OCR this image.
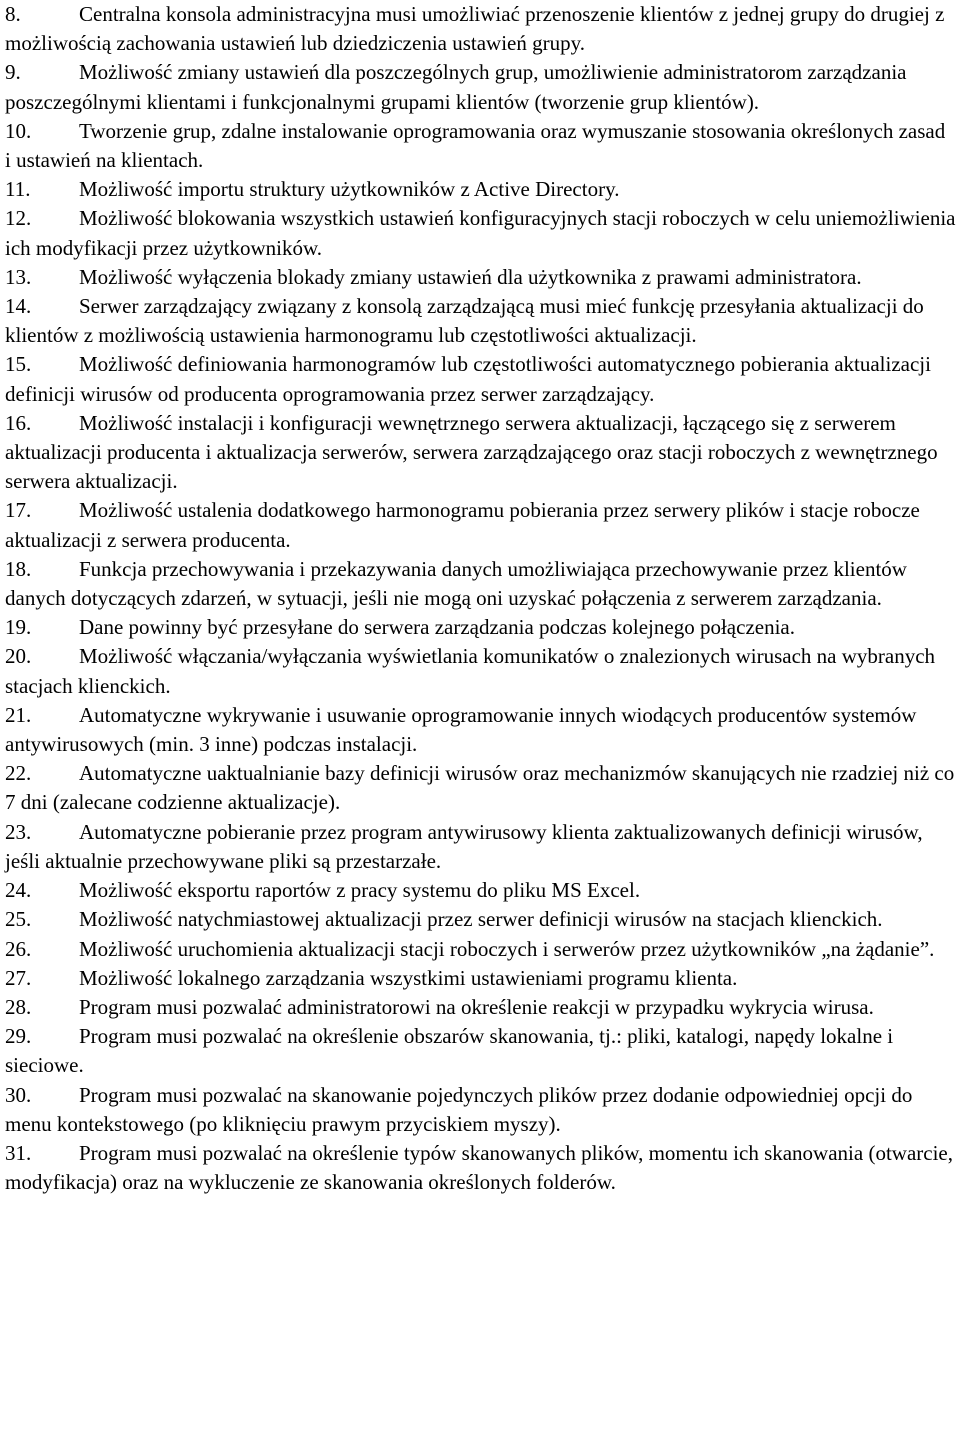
8.	Centralna konsola administracyjna musi umożliwiać przenoszenie klientów z jednej grupy do drugiej z możliwością zachowania ustawień lub dziedziczenia ustawień grupy.
9.	Możliwość zmiany ustawień dla poszczególnych grup, umożliwienie administratorom zarządzania poszczególnymi klientami i funkcjonalnymi grupami klientów (tworzenie grup klientów).
10. Tworzenie grup, zdalne instalowanie oprogramowania oraz wymuszanie stosowania określonych zasad i ustawień na klientach.
11. Możliwość importu struktury użytkowników z Active Directory.
12. Możliwość blokowania wszystkich ustawień konfiguracyjnych stacji roboczych w celu uniemożliwienia ich modyfikacji przez użytkowników.
13. Możliwość wyłączenia blokady zmiany ustawień dla użytkownika z prawami administratora.
14. Serwer zarządzający związany z konsolą zarządzającą musi mieć funkcję przesyłania aktualizacji do klientów z możliwością ustawienia harmonogramu lub częstotliwości aktualizacji.
15. Możliwość definiowania harmonogramów lub częstotliwości automatycznego pobierania aktualizacji definicji wirusów od producenta oprogramowania przez serwer zarządzający.
16. Możliwość instalacji i konfiguracji wewnętrznego serwera aktualizacji, łączącego się z serwerem aktualizacji producenta i aktualizacja serwerów, serwera zarządzającego oraz stacji roboczych z wewnętrznego serwera aktualizacji.
17. Możliwość ustalenia dodatkowego harmonogramu pobierania przez serwery plików i stacje robocze aktualizacji z serwera producenta.
18. Funkcja przechowywania i przekazywania danych umożliwiająca przechowywanie przez klientów danych dotyczących zdarzeń, w sytuacji, jeśli nie mogą oni uzyskać połączenia z serwerem zarządzania.
19. Dane powinny być przesyłane do serwera zarządzania podczas kolejnego połączenia.
20. Możliwość włączania/wyłączania wyświetlania komunikatów o znalezionych wirusach na wybranych stacjach klienckich.
21. Automatyczne wykrywanie i usuwanie oprogramowanie innych wiodących producentów systemów antywirusowych (min. 3 inne) podczas instalacji.
22. Automatyczne uaktualnianie bazy definicji wirusów oraz mechanizmów skanujących nie rzadziej niż co 7 dni (zalecane codzienne aktualizacje).
23. Automatyczne pobieranie przez program antywirusowy klienta zaktualizowanych definicji wirusów, jeśli aktualnie przechowywane pliki są przestarzałe.
24. Możliwość eksportu raportów z pracy systemu do pliku MS Excel.
25. Możliwość natychmiastowej aktualizacji przez serwer definicji wirusów na stacjach klienckich.
26. Możliwość uruchomienia aktualizacji stacji roboczych i serwerów przez użytkowników „na żądanie”.
27. Możliwość lokalnego zarządzania wszystkimi ustawieniami programu klienta.
28. Program musi pozwalać administratorowi na określenie reakcji w przypadku wykrycia wirusa.
29. Program musi pozwalać na określenie obszarów skanowania, tj.: pliki, katalogi, napędy lokalne i sieciowe.
30. Program musi pozwalać na skanowanie pojedynczych plików przez dodanie odpowiedniej opcji do menu kontekstowego (po kliknięciu prawym przyciskiem myszy).
31. Program musi pozwalać na określenie typów skanowanych plików, momentu ich skanowania (otwarcie, modyfikacja) oraz na wykluczenie ze skanowania określonych folderów.
